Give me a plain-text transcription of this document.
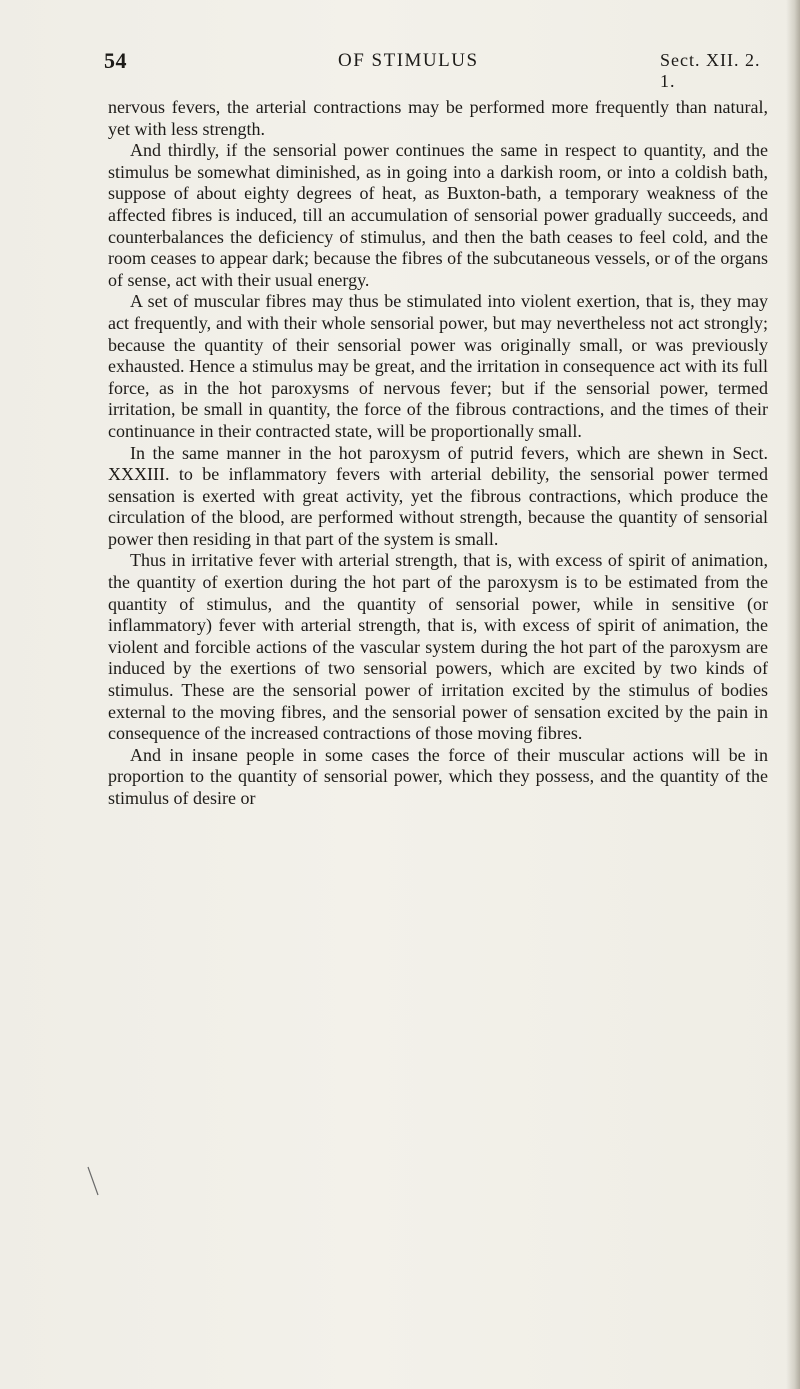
54	OF STIMULUS	Sect. XII. 2. 1.

nervous fevers, the arterial contractions may be performed more frequently than natural, yet with less strength.

And thirdly, if the sensorial power continues the same in respect to quantity, and the stimulus be somewhat diminished, as in going into a darkish room, or into a coldish bath, suppose of about eighty degrees of heat, as Buxton-bath, a temporary weakness of the affected fibres is induced, till an accumulation of sensorial power gradually succeeds, and counterbalances the deficiency of stimulus, and then the bath ceases to feel cold, and the room ceases to appear dark; because the fibres of the subcutaneous vessels, or of the organs of sense, act with their usual energy.

A set of muscular fibres may thus be stimulated into violent exertion, that is, they may act frequently, and with their whole sensorial power, but may nevertheless not act strongly; because the quantity of their sensorial power was originally small, or was previously exhausted. Hence a stimulus may be great, and the irritation in consequence act with its full force, as in the hot paroxysms of nervous fever; but if the sensorial power, termed irritation, be small in quantity, the force of the fibrous contractions, and the times of their continuance in their contracted state, will be proportionally small.

In the same manner in the hot paroxysm of putrid fevers, which are shewn in Sect. XXXIII. to be inflammatory fevers with arterial debility, the sensorial power termed sensation is exerted with great activity, yet the fibrous contractions, which produce the circulation of the blood, are performed without strength, because the quantity of sensorial power then residing in that part of the system is small.

Thus in irritative fever with arterial strength, that is, with excess of spirit of animation, the quantity of exertion during the hot part of the paroxysm is to be estimated from the quantity of stimulus, and the quantity of sensorial power, while in sensitive (or inflammatory) fever with arterial strength, that is, with excess of spirit of animation, the violent and forcible actions of the vascular system during the hot part of the paroxysm are induced by the exertions of two sensorial powers, which are excited by two kinds of stimulus. These are the sensorial power of irritation excited by the stimulus of bodies external to the moving fibres, and the sensorial power of sensation excited by the pain in consequence of the increased contractions of those moving fibres.

And in insane people in some cases the force of their muscular actions will be in proportion to the quantity of sensorial power, which they possess, and the quantity of the stimulus of desire or
